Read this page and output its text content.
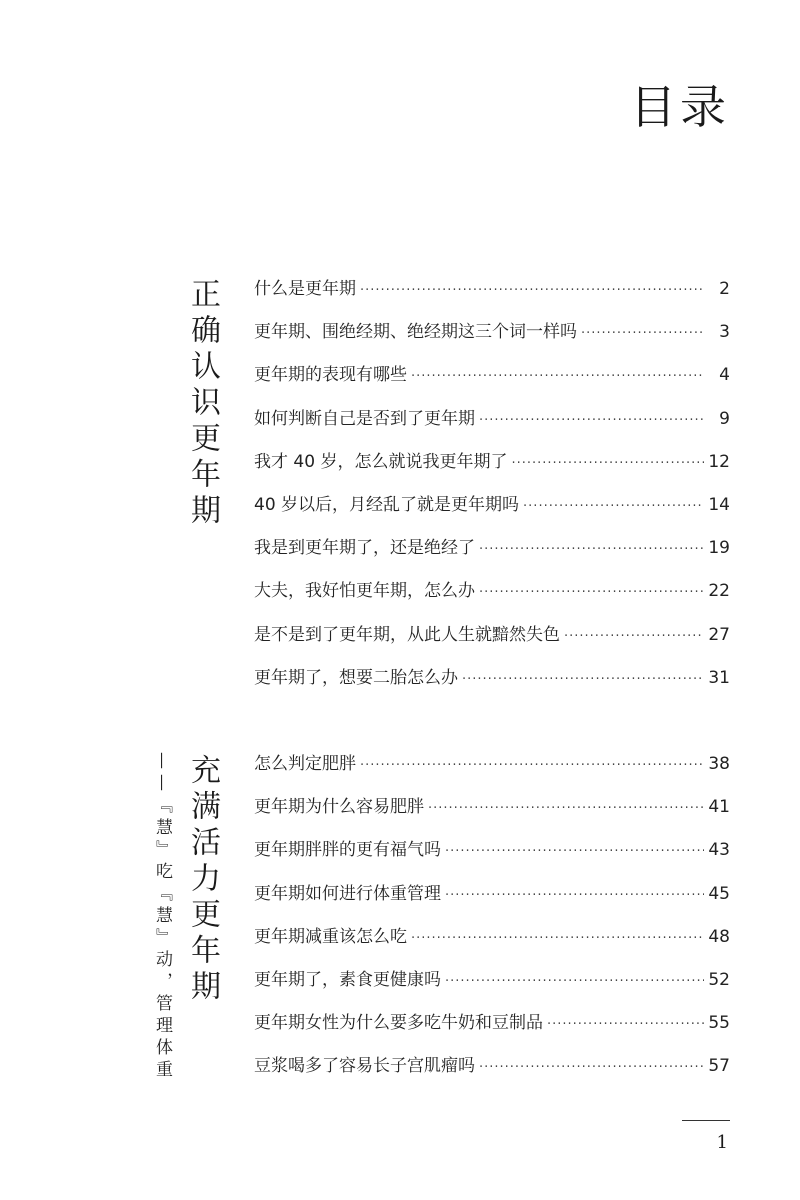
目录
正确认识更年期 什么是更年期 ·····	2
更年期、围绝经期、绝经期这三个词一样吗 ·····	3
更年期的表现有哪些 ·····	4
如何判断自己是否到了更年期 ·····	9
我才 40 岁，怎么就说我更年期了 ·····	12
40 岁以后，月经乱了就是更年期吗 ·····	14
我是到更年期了，还是绝经了 ·····	19
大夫，我好怕更年期，怎么办 ·····	22
是不是到了更年期，从此人生就黯然失色 ·····	27
更年期了，想要二胎怎么办 ·····	31
充满活力更年期
——『慧』吃『慧』动，管理体重	怎么判定肥胖 ·····	38
更年期为什么容易肥胖 ·····	41
更年期胖胖的更有福气吗 ·····	43
更年期如何进行体重管理 ·····	45
更年期减重该怎么吃 ·····	48
更年期了，素食更健康吗 ·····	52
更年期女性为什么要多吃牛奶和豆制品 ·····	55
豆浆喝多了容易长子宫肌瘤吗 ·····	57
1
